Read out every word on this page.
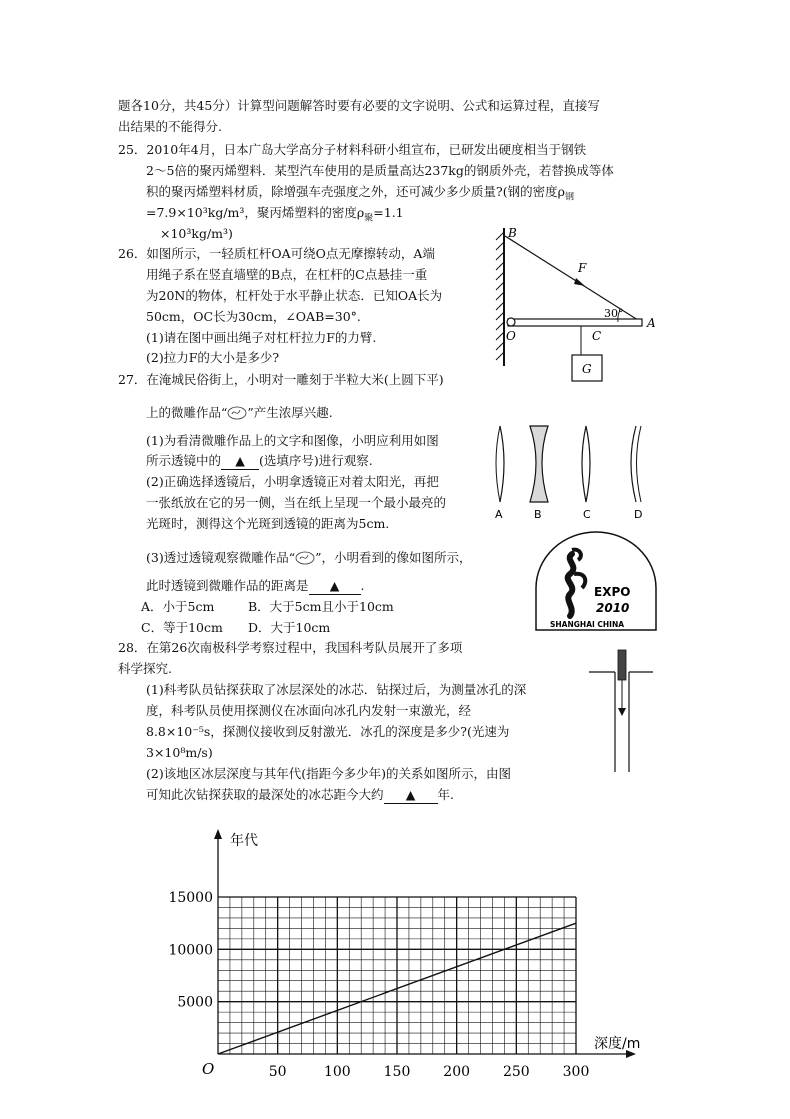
题各10分，共45分）计算型问题解答时要有必要的文字说明、公式和运算过程，直接写
出结果的不能得分.
25．2010年4月，日本广岛大学高分子材料科研小组宣布，已研发出硬度相当于钢铁
2～5倍的聚丙烯塑料．某型汽车使用的是质量高达237kg的钢质外壳，若替换成等体
积的聚丙烯塑料材质，除增强车壳强度之外，还可减少多少质量?(钢的密度$\rho_钢$
=7.9×10³kg/m³，聚丙烯塑料的密度$\rho_聚=1.1$
×10³kg/m³)
26．如图所示，一轻质杠杆OA可绕O点无摩擦转动，A端
用绳子系在竖直墙壁的B点，在杠杆的C点悬挂一重
为20N的物体，杠杆处于水平静止状态．已知OA长为
50cm，OC长为30cm，∠OAB=30°.
(1)请在图中画出绳子对杠杆拉力F的力臂.
(2)拉力F的大小是多少?
B
F
30°
O	C
A
G
27．在淹城民俗街上，小明对一雕刻于半粒大米(上圆下平)
上的微雕作品“ ”产生浓厚兴趣.
(1)为看清微雕作品上的文字和图像，小明应利用如图
所示透镜中的 ▲ (选填序号)进行观察.
(2)正确选择透镜后，小明拿透镜正对着太阳光，再把
一张纸放在它的另一侧，当在纸上呈现一个最小最亮的
光斑时，测得这个光斑到透镜的距离为5cm.
(3)透过透镜观察微雕作品“ ”，小明看到的像如图所示，
此时透镜到微雕作品的距离是 ▲ .
A．小于5cm	B．大于5cm且小于10cm
C．等于10cm D．大于10cm
A	B	C	D
EXPO
2010
SHANGHAI CHINA
28．在第26次南极科学考察过程中，我国科考队员展开了多项
科学探究.
(1)科考队员钻探获取了冰层深处的冰芯．钻探过后，为测量冰孔的深
度，科考队员使用探测仪在冰面向冰孔内发射一束激光，经
8.8×10⁻⁵s，探测仪接收到反射激光．冰孔的深度是多少?(光速为
3×10⁸m/s)
(2)该地区冰层深度与其年代(指距今多少年)的关系如图所示，由图
可知此次钻探获取的最深处的冰芯距今大约 ▲ 年.
50	100 150 200 250 300
5000
10000
15000
年代
深度/m
O
